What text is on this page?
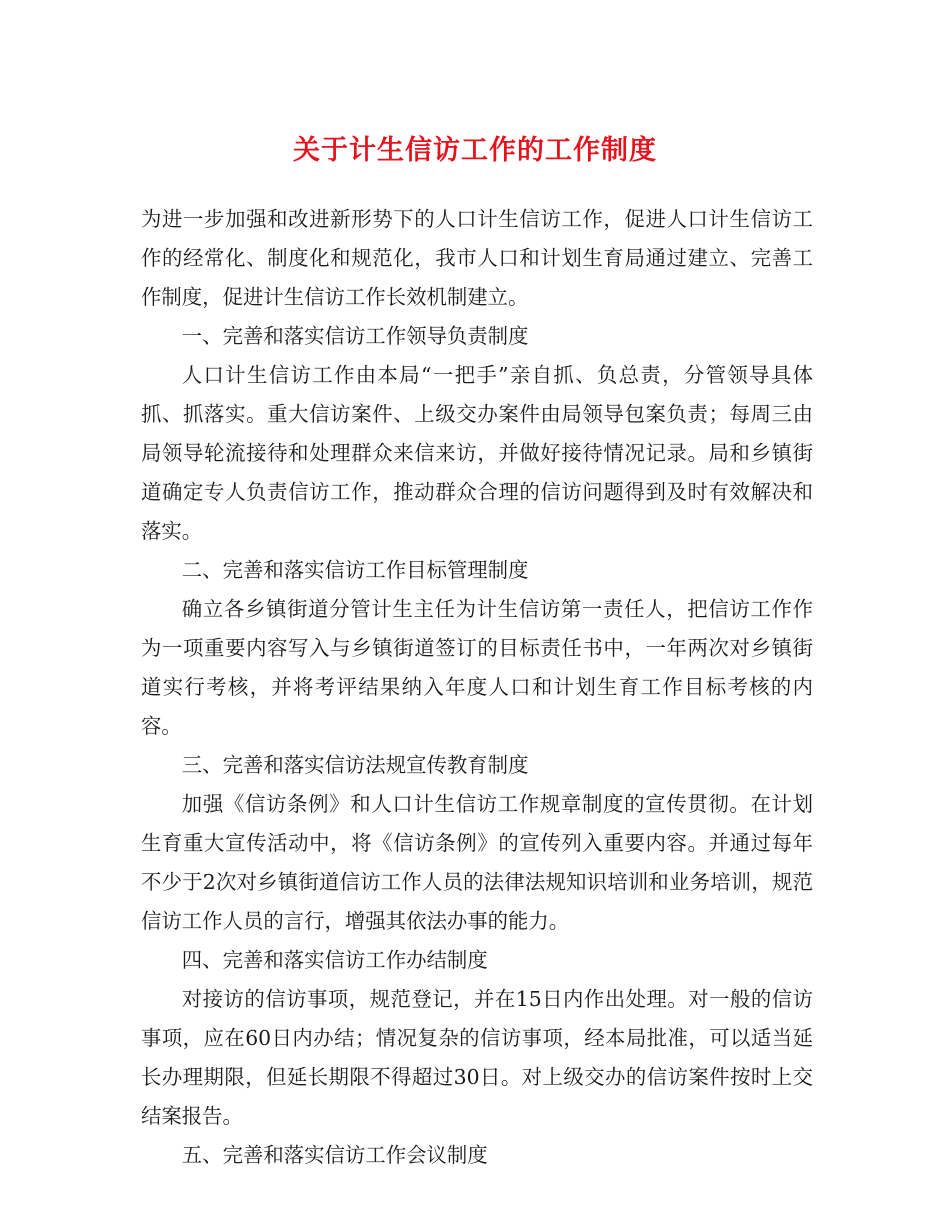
关于计生信访工作的工作制度

为进一步加强和改进新形势下的人口计生信访工作，促进人口计生信访工作的经常化、制度化和规范化，我市人口和计划生育局通过建立、完善工作制度，促进计生信访工作长效机制建立。

一、完善和落实信访工作领导负责制度

人口计生信访工作由本局“一把手”亲自抓、负总责，分管领导具体抓、抓落实。重大信访案件、上级交办案件由局领导包案负责；每周三由局领导轮流接待和处理群众来信来访，并做好接待情况记录。局和乡镇街道确定专人负责信访工作，推动群众合理的信访问题得到及时有效解决和落实。

二、完善和落实信访工作目标管理制度

确立各乡镇街道分管计生主任为计生信访第一责任人，把信访工作作为一项重要内容写入与乡镇街道签订的目标责任书中，一年两次对乡镇街道实行考核，并将考评结果纳入年度人口和计划生育工作目标考核的内容。

三、完善和落实信访法规宣传教育制度

加强《信访条例》和人口计生信访工作规章制度的宣传贯彻。在计划生育重大宣传活动中，将《信访条例》的宣传列入重要内容。并通过每年不少于2次对乡镇街道信访工作人员的法律法规知识培训和业务培训，规范信访工作人员的言行，增强其依法办事的能力。

四、完善和落实信访工作办结制度

对接访的信访事项，规范登记，并在15日内作出处理。对一般的信访事项，应在60日内办结；情况复杂的信访事项，经本局批准，可以适当延长办理期限，但延长期限不得超过30日。对上级交办的信访案件按时上交结案报告。

五、完善和落实信访工作会议制度
